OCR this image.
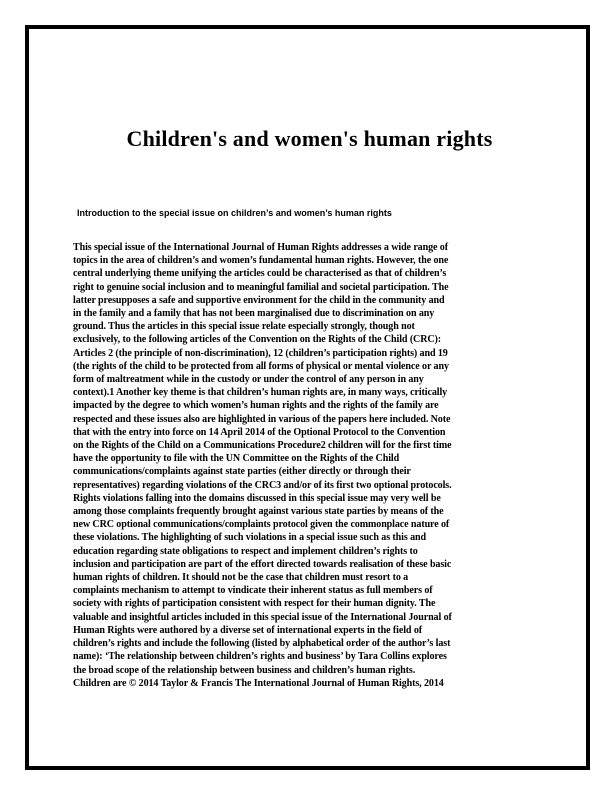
Children's and women's human rights

Introduction to the special issue on children’s and women’s human rights

This special issue of the International Journal of Human Rights addresses a wide range of
topics in the area of children’s and women’s fundamental human rights. However, the one
central underlying theme unifying the articles could be characterised as that of children’s
right to genuine social inclusion and to meaningful familial and societal participation. The
latter presupposes a safe and supportive environment for the child in the community and
in the family and a family that has not been marginalised due to discrimination on any
ground. Thus the articles in this special issue relate especially strongly, though not
exclusively, to the following articles of the Convention on the Rights of the Child (CRC):
Articles 2 (the principle of non-discrimination), 12 (children’s participation rights) and 19
(the rights of the child to be protected from all forms of physical or mental violence or any
form of maltreatment while in the custody or under the control of any person in any
context).1 Another key theme is that children’s human rights are, in many ways, critically
impacted by the degree to which women’s human rights and the rights of the family are
respected and these issues also are highlighted in various of the papers here included. Note
that with the entry into force on 14 April 2014 of the Optional Protocol to the Convention
on the Rights of the Child on a Communications Procedure2 children will for the first time
have the opportunity to file with the UN Committee on the Rights of the Child
communications/complaints against state parties (either directly or through their
representatives) regarding violations of the CRC3 and/or of its first two optional protocols.
Rights violations falling into the domains discussed in this special issue may very well be
among those complaints frequently brought against various state parties by means of the
new CRC optional communications/complaints protocol given the commonplace nature of
these violations. The highlighting of such violations in a special issue such as this and
education regarding state obligations to respect and implement children’s rights to
inclusion and participation are part of the effort directed towards realisation of these basic
human rights of children. It should not be the case that children must resort to a
complaints mechanism to attempt to vindicate their inherent status as full members of
society with rights of participation consistent with respect for their human dignity. The
valuable and insightful articles included in this special issue of the International Journal of
Human Rights were authored by a diverse set of international experts in the field of
children’s rights and include the following (listed by alphabetical order of the author’s last
name): ‘The relationship between children’s rights and business’ by Tara Collins explores
the broad scope of the relationship between business and children’s human rights.
Children are © 2014 Taylor & Francis The International Journal of Human Rights, 2014
